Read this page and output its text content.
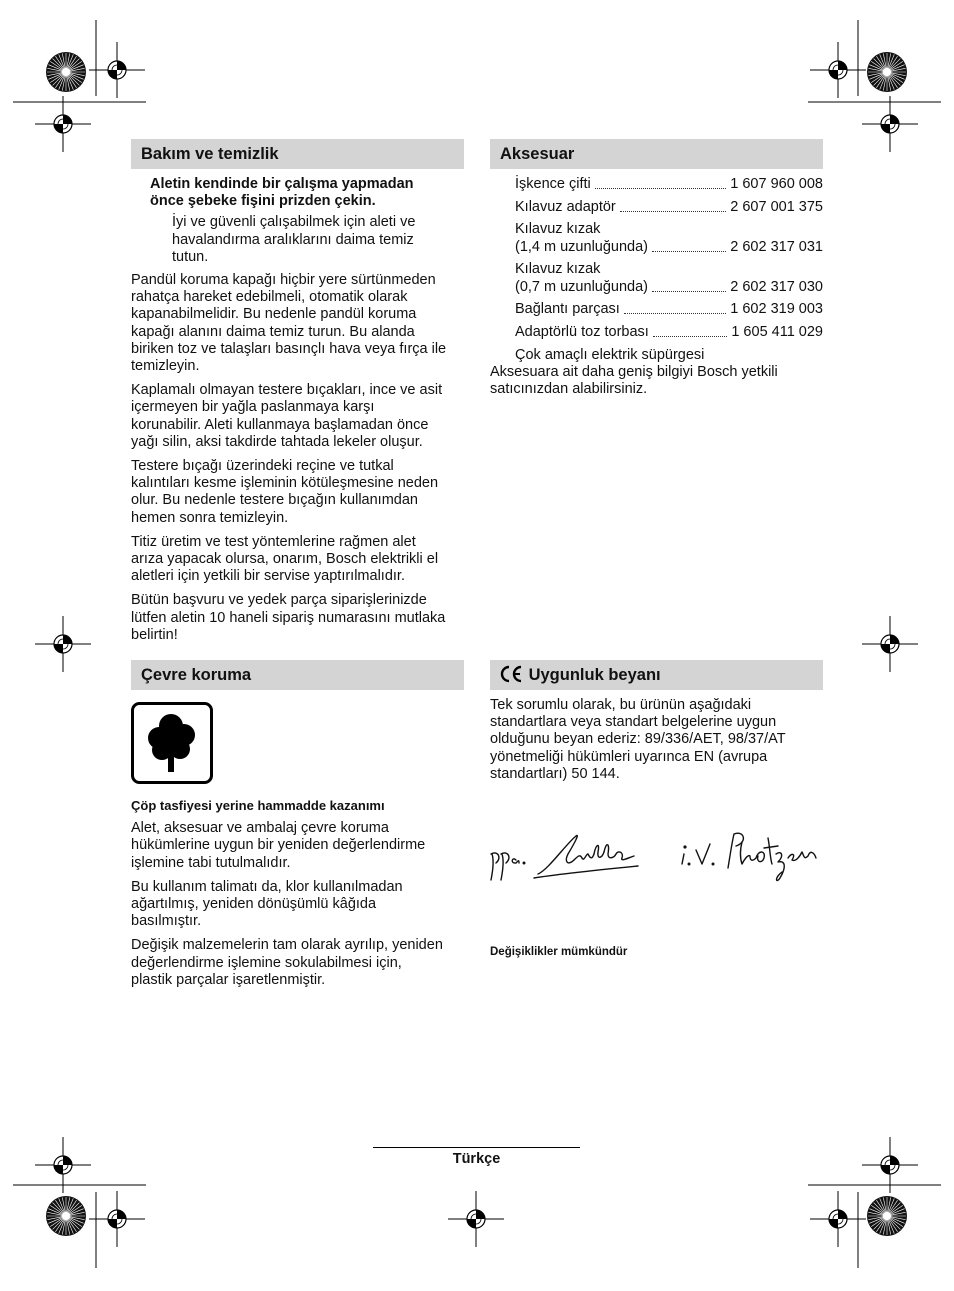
Bakım ve temizlik
Aletin kendinde bir çalışma yapmadan
önce şebeke fişini prizden çekin.
İyi ve güvenli çalışabilmek için aleti ve
havalandırma aralıklarını daima temiz
tutun.

Pandül koruma kapağı hiçbir yere sürtünmeden
rahatça hareket edebilmeli, otomatik olarak
kapanabilmelidir. Bu nedenle pandül koruma
kapağı alanını daima temiz turun. Bu alanda
biriken toz ve talaşları basınçlı hava veya fırça ile
temizleyin.

Kaplamalı olmayan testere bıçakları, ince ve asit
içermeyen bir yağla paslanmaya karşı
korunabilir. Aleti kullanmaya başlamadan önce
yağı silin, aksi takdirde tahtada lekeler oluşur.

Testere bıçağı üzerindeki reçine ve tutkal
kalıntıları kesme işleminin kötüleşmesine neden
olur. Bu nedenle testere bıçağın kullanımdan
hemen sonra temizleyin.

Titiz üretim ve test yöntemlerine rağmen alet
arıza yapacak olursa, onarım, Bosch elektrikli el
aletleri için yetkili bir servise yaptırılmalıdır.

Bütün başvuru ve yedek parça siparişlerinizde
lütfen aletin 10 haneli sipariş numarasını mutlaka
belirtin!

Aksesuar
İşkence çifti	1 607 960 008
Kılavuz adaptör	2 607 001 375
Kılavuz kızak
(1,4 m uzunluğunda)	2 602 317 031
Kılavuz kızak
(0,7 m uzunluğunda)	2 602 317 030
Bağlantı parçası	1 602 319 003
Adaptörlü toz torbası	1 605 411 029
Çok amaçlı elektrik süpürgesi
Aksesuara ait daha geniş bilgiyi Bosch yetkili
satıcınızdan alabilirsiniz.
Çevre koruma
Çöp tasfiyesi yerine hammadde kazanımı

Alet, aksesuar ve ambalaj çevre koruma
hükümlerine uygun bir yeniden değerlendirme
işlemine tabi tutulmalıdır.

Bu kullanım talimatı da, klor kullanılmadan
ağartılmış, yeniden dönüşümlü kâğıda
basılmıştır.

Değişik malzemelerin tam olarak ayrılıp, yeniden
değerlendirme işlemine sokulabilmesi için,
plastik parçalar işaretlenmiştir.

Uygunluk beyanı
Tek sorumlu olarak, bu ürünün aşağıdaki
standartlara veya standart belgelerine uygun
olduğunu beyan ederiz: 89/336/AET, 98/37/AT
yönetmeliği hükümleri uyarınca EN (avrupa
standartları) 50 144.
Değişiklikler mümkündür
Türkçe
